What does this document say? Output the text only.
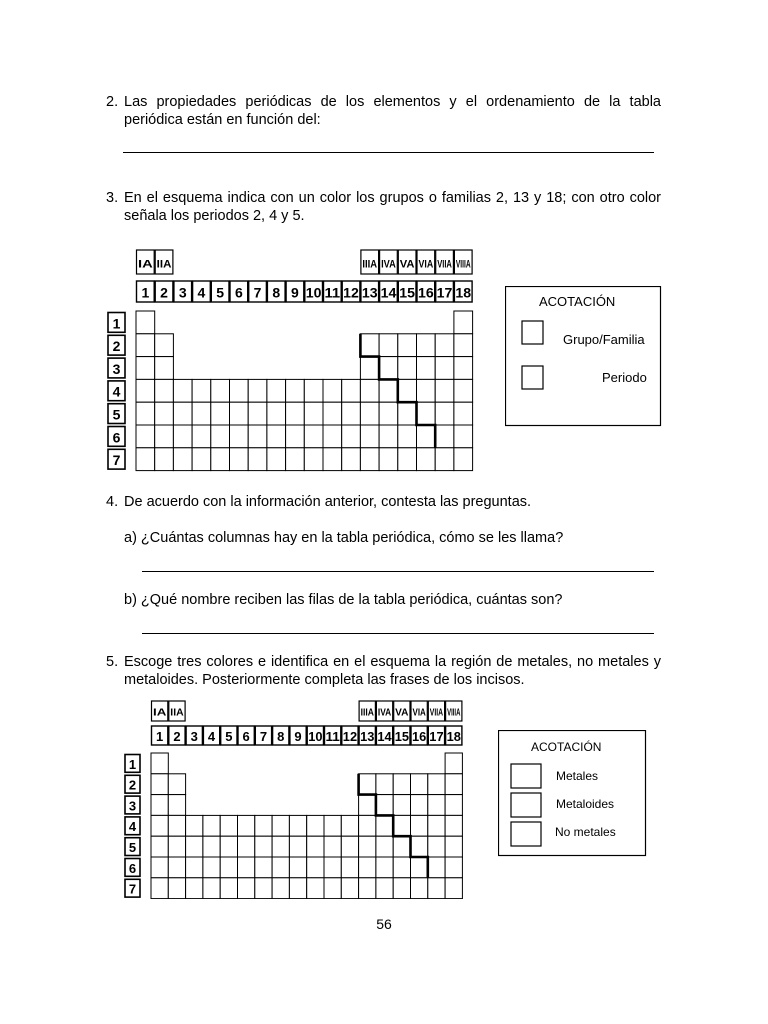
2. Las propiedades periódicas de los elementos y el ordenamiento de la tabla periódica están en función del:
3. En el esquema indica con un color los grupos o familias 2, 13 y 18; con otro color señala los periodos 2, 4 y 5.
IA IIA	IIIA IVA VA VIA VIIA VIIIA
1 2 3 4 5 6 7 8 9 10 11 12 13 14 15 16 17 18
1
2
3
4
5
6
7
ACOTACIÓN
Grupo/Familia
Periodo
4. De acuerdo con la información anterior, contesta las preguntas.
a) ¿Cuántas columnas hay en la tabla periódica, cómo se les llama?
b) ¿Qué nombre reciben las filas de la tabla periódica, cuántas son?
5. Escoge tres colores e identifica en el esquema la región de metales, no metales y metaloides. Posteriormente completa las frases de los incisos.
IA IIA	IIIA IVA VA VIA VIIA VIIIA
1 2 3 4 5 6 7 8 9 10 11 12 13 14 15 16 17 18
1
2
3
4
5
6
7
ACOTACIÓN
Metales
Metaloides
No metales
56
